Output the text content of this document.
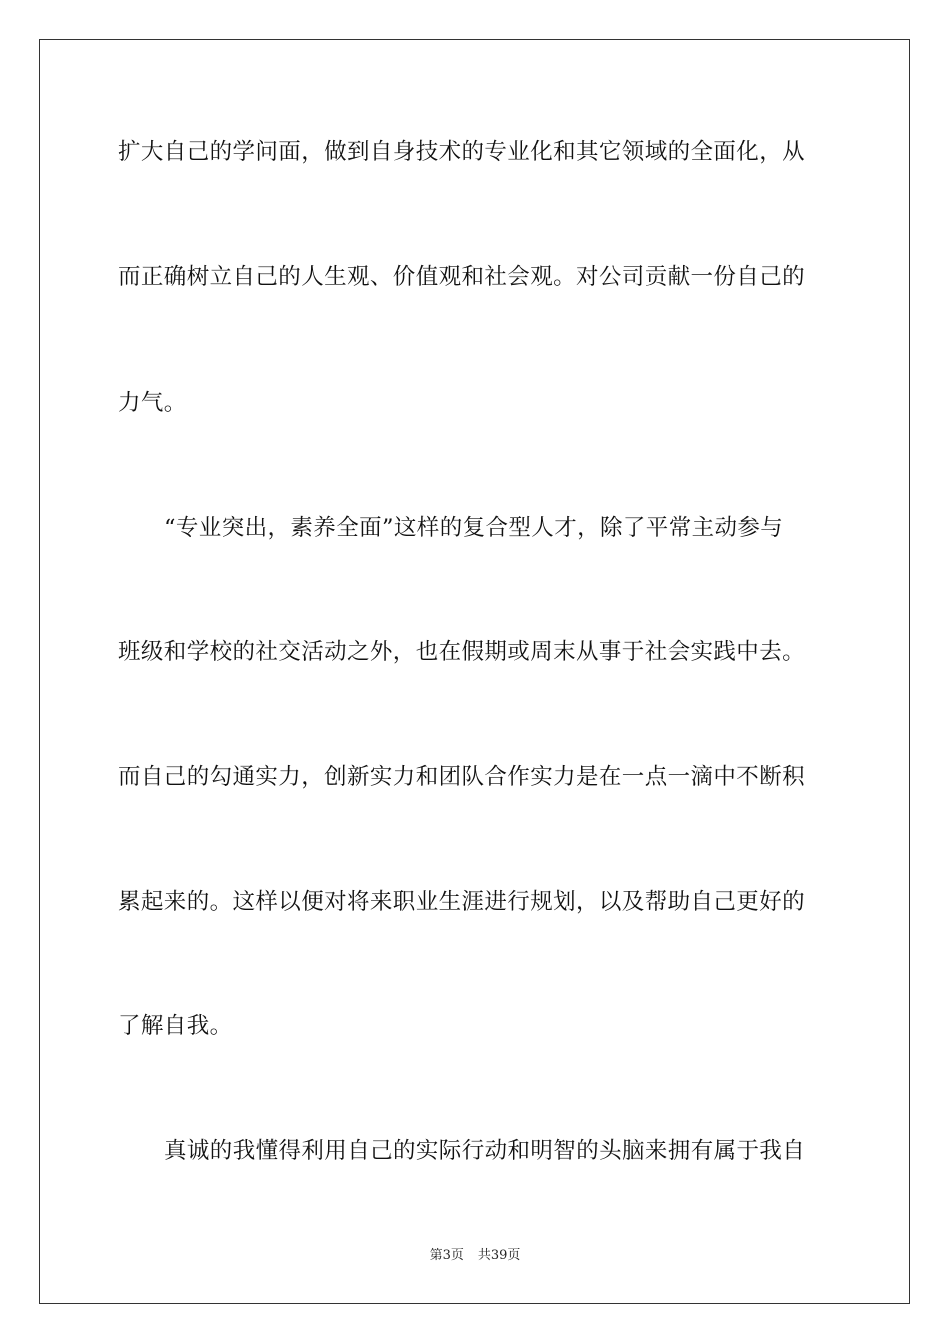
扩大自己的学问面，做到自身技术的专业化和其它领域的全面化，从
而正确树立自己的人生观、价值观和社会观。对公司贡献一份自己的
力气。
“专业突出，素养全面”这样的复合型人才，除了平常主动参与
班级和学校的社交活动之外，也在假期或周末从事于社会实践中去。
而自己的勾通实力，创新实力和团队合作实力是在一点一滴中不断积
累起来的。这样以便对将来职业生涯进行规划，以及帮助自己更好的
了解自我。
真诚的我懂得利用自己的实际行动和明智的头脑来拥有属于我自
第3页 共39页
